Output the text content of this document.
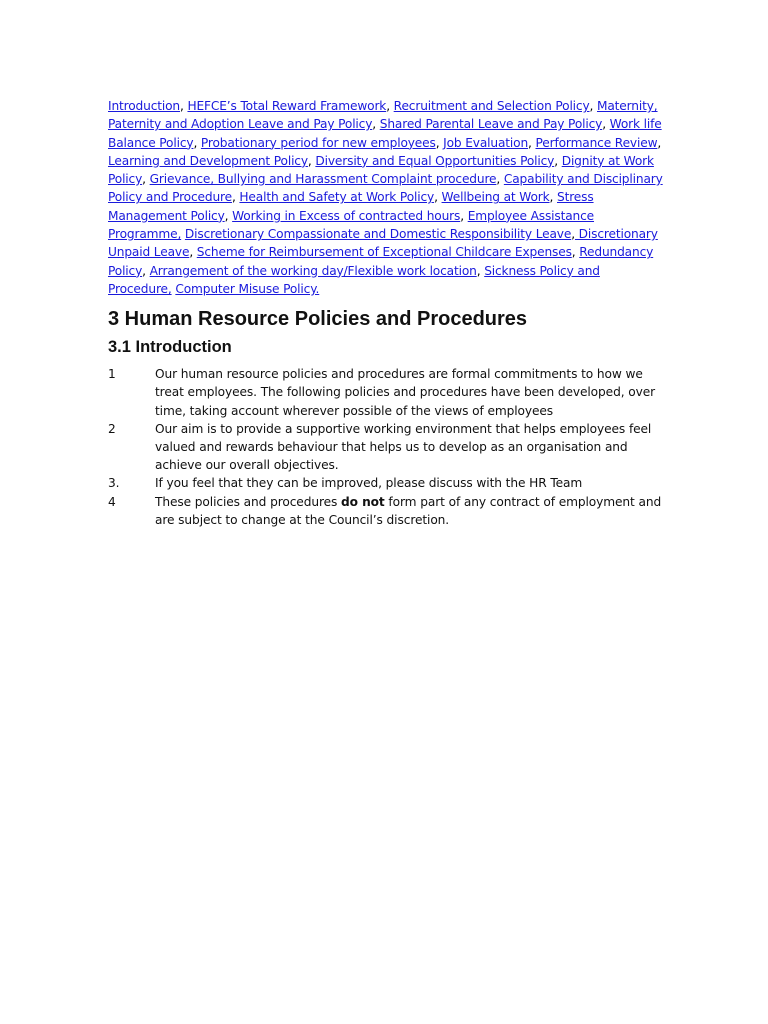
Introduction, HEFCE’s Total Reward Framework, Recruitment and Selection Policy, Maternity, Paternity and Adoption Leave and Pay Policy, Shared Parental Leave and Pay Policy, Work life Balance Policy, Probationary period for new employees, Job Evaluation, Performance Review, Learning and Development Policy, Diversity and Equal Opportunities Policy, Dignity at Work Policy, Grievance, Bullying and Harassment Complaint procedure, Capability and Disciplinary Policy and Procedure, Health and Safety at Work Policy, Wellbeing at Work, Stress Management Policy, Working in Excess of contracted hours, Employee Assistance Programme, Discretionary Compassionate and Domestic Responsibility Leave, Discretionary Unpaid Leave, Scheme for Reimbursement of Exceptional Childcare Expenses, Redundancy Policy, Arrangement of the working day/Flexible work location, Sickness Policy and Procedure, Computer Misuse Policy.

3 Human Resource Policies and Procedures
3.1 Introduction
1	Our human resource policies and procedures are formal commitments to how we treat employees. The following policies and procedures have been developed, over time, taking account wherever possible of the views of employees
2	Our aim is to provide a supportive working environment that helps employees feel valued and rewards behaviour that helps us to develop as an organisation and achieve our overall objectives.
3.	If you feel that they can be improved, please discuss with the HR Team
4	These policies and procedures do not form part of any contract of employment and are subject to change at the Council’s discretion.
